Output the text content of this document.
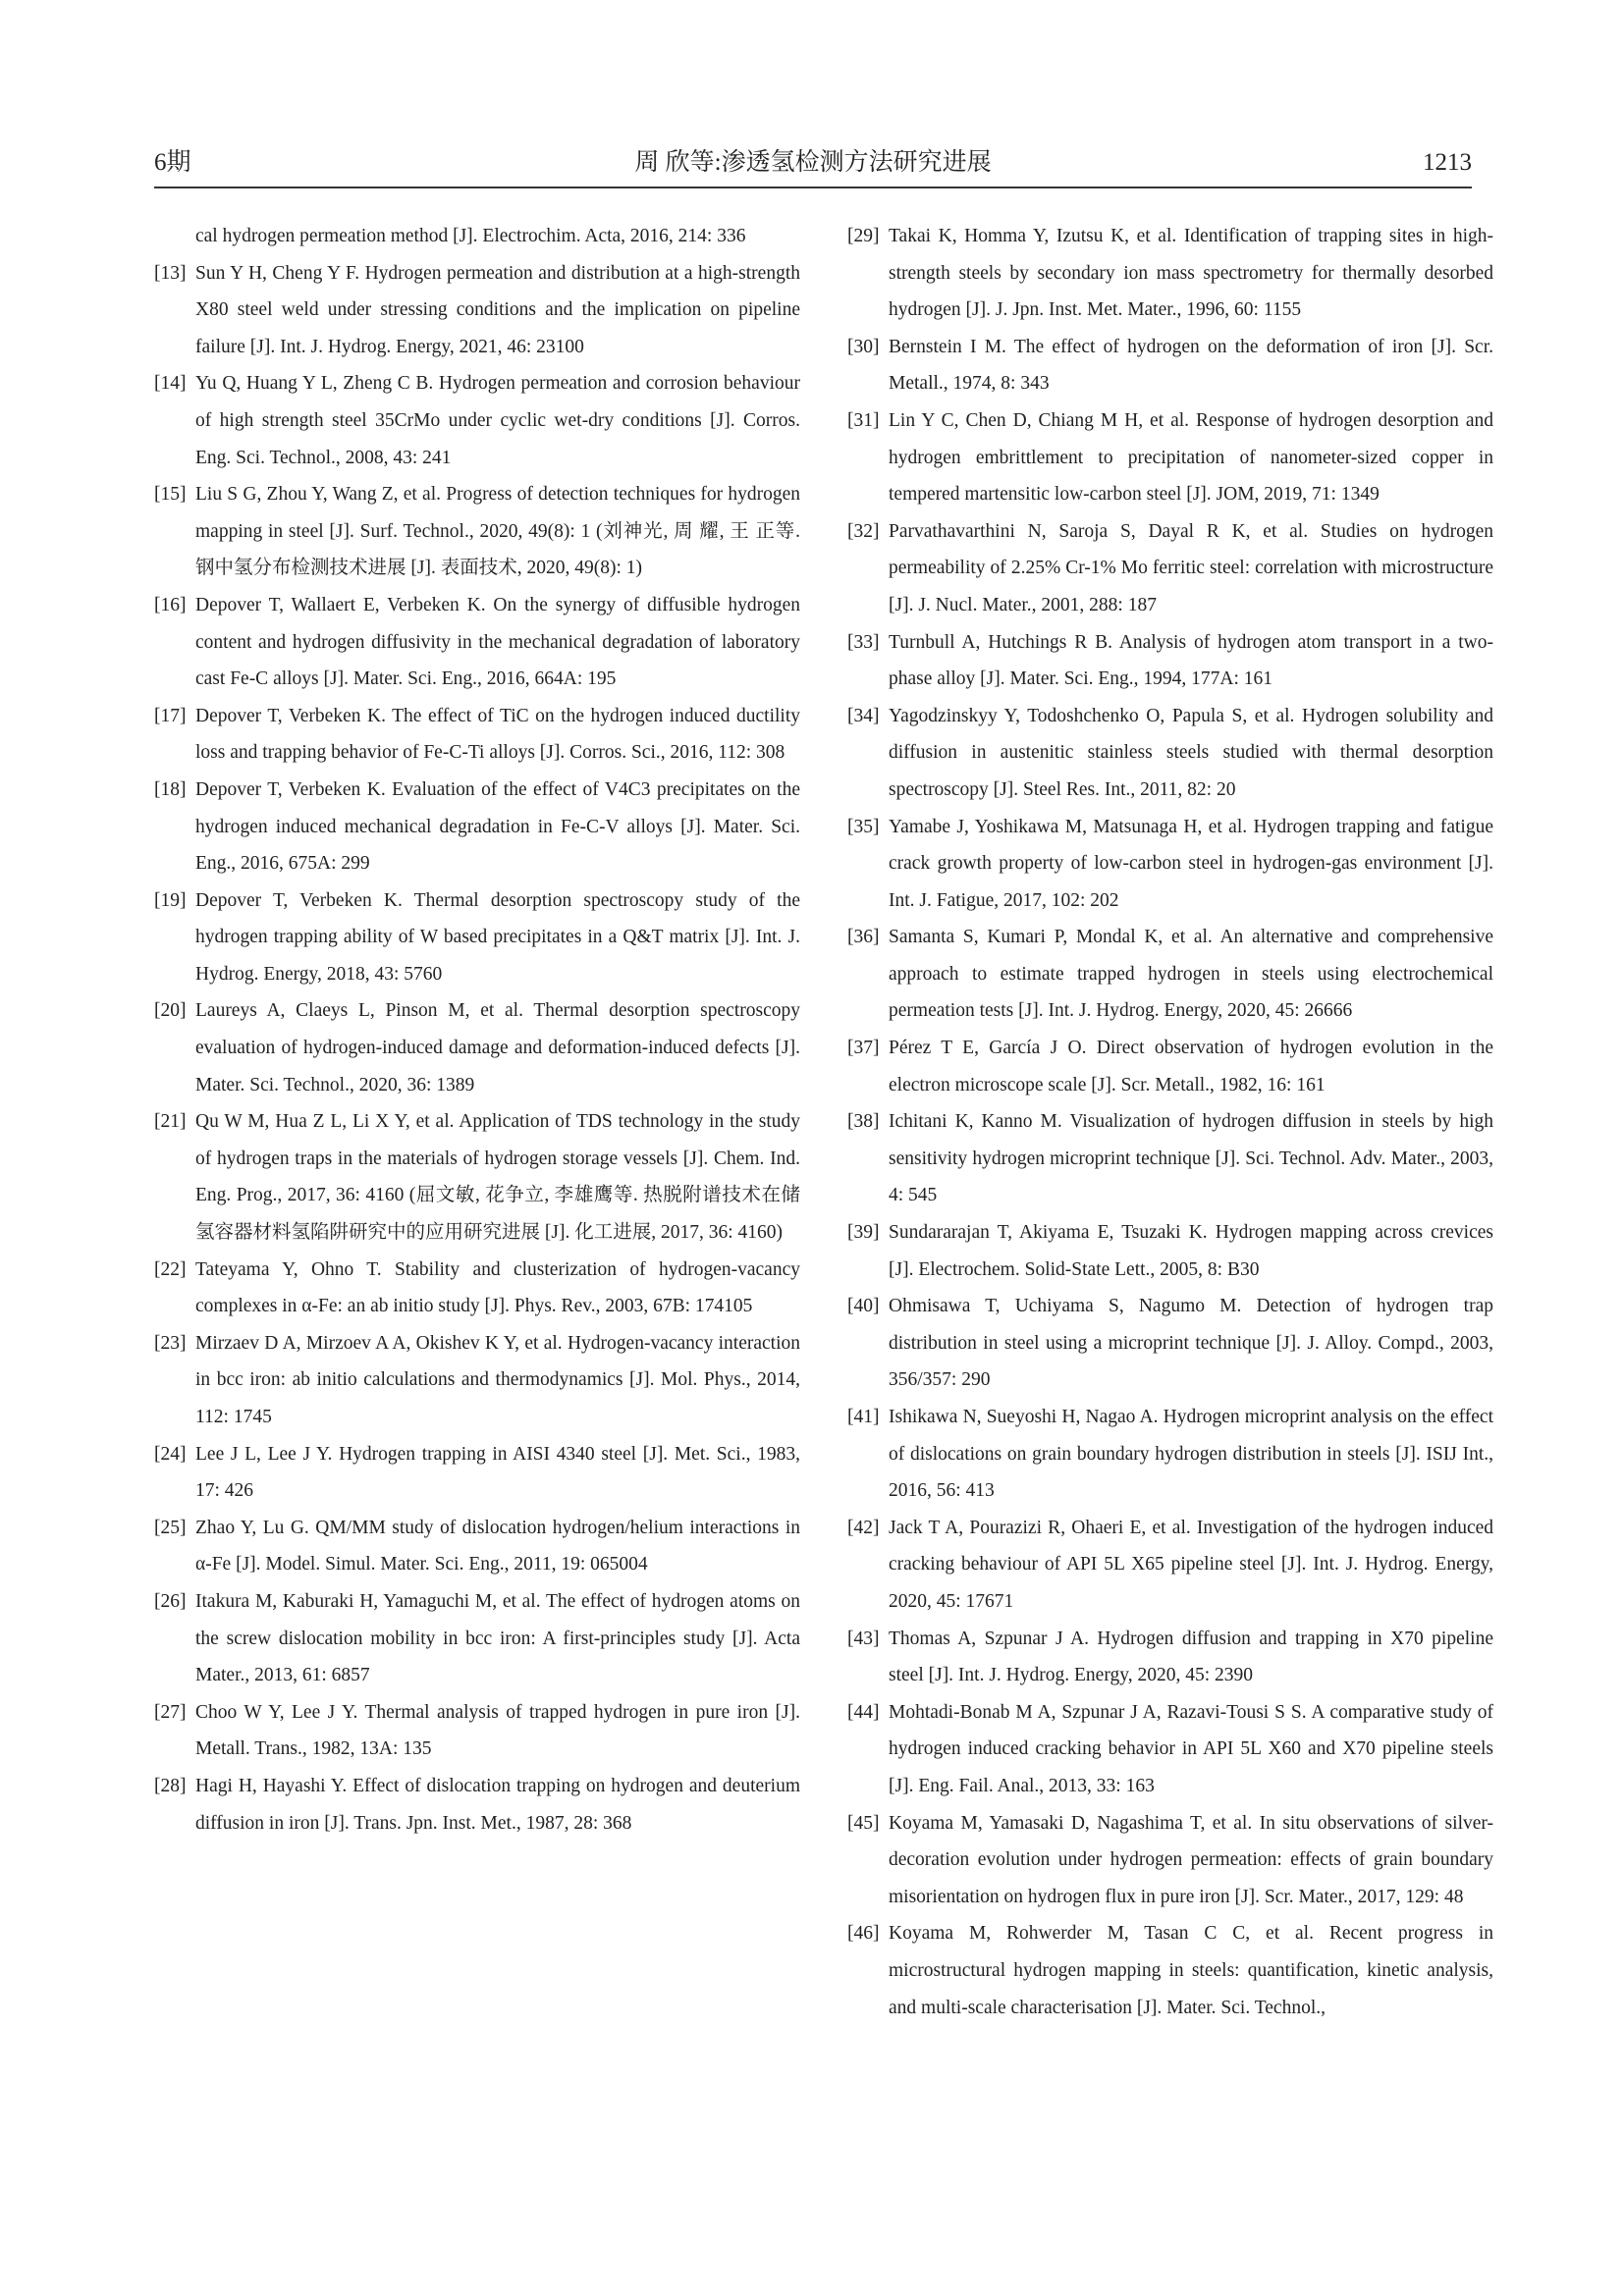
6期	周 欣等:渗透氢检测方法研究进展	1213

cal hydrogen permeation method [J]. Electrochim. Acta, 2016, 214: 336

[13] Sun Y H, Cheng Y F. Hydrogen permeation and distribution at a high-strength X80 steel weld under stressing conditions and the implication on pipeline failure [J]. Int. J. Hydrog. Energy, 2021, 46: 23100

[14] Yu Q, Huang Y L, Zheng C B. Hydrogen permeation and corrosion behaviour of high strength steel 35CrMo under cyclic wet-dry conditions [J]. Corros. Eng. Sci. Technol., 2008, 43: 241

[15] Liu S G, Zhou Y, Wang Z, et al. Progress of detection techniques for hydrogen mapping in steel [J]. Surf. Technol., 2020, 49(8): 1 (刘神光, 周 耀, 王 正等. 钢中氢分布检测技术进展 [J]. 表面技术, 2020, 49(8): 1)

[16] Depover T, Wallaert E, Verbeken K. On the synergy of diffusible hydrogen content and hydrogen diffusivity in the mechanical degradation of laboratory cast Fe-C alloys [J]. Mater. Sci. Eng., 2016, 664A: 195

[17] Depover T, Verbeken K. The effect of TiC on the hydrogen induced ductility loss and trapping behavior of Fe-C-Ti alloys [J]. Corros. Sci., 2016, 112: 308

[18] Depover T, Verbeken K. Evaluation of the effect of V4C3 precipitates on the hydrogen induced mechanical degradation in Fe-C-V alloys [J]. Mater. Sci. Eng., 2016, 675A: 299

[19] Depover T, Verbeken K. Thermal desorption spectroscopy study of the hydrogen trapping ability of W based precipitates in a Q&T matrix [J]. Int. J. Hydrog. Energy, 2018, 43: 5760

[20] Laureys A, Claeys L, Pinson M, et al. Thermal desorption spectroscopy evaluation of hydrogen-induced damage and deformation-induced defects [J]. Mater. Sci. Technol., 2020, 36: 1389

[21] Qu W M, Hua Z L, Li X Y, et al. Application of TDS technology in the study of hydrogen traps in the materials of hydrogen storage vessels [J]. Chem. Ind. Eng. Prog., 2017, 36: 4160 (屈文敏, 花争立, 李雄鹰等. 热脱附谱技术在储氢容器材料氢陷阱研究中的应用研究进展 [J]. 化工进展, 2017, 36: 4160)

[22] Tateyama Y, Ohno T. Stability and clusterization of hydrogen-vacancy complexes in α-Fe: an ab initio study [J]. Phys. Rev., 2003, 67B: 174105

[23] Mirzaev D A, Mirzoev A A, Okishev K Y, et al. Hydrogen-vacancy interaction in bcc iron: ab initio calculations and thermodynamics [J]. Mol. Phys., 2014, 112: 1745

[24] Lee J L, Lee J Y. Hydrogen trapping in AISI 4340 steel [J]. Met. Sci., 1983, 17: 426

[25] Zhao Y, Lu G. QM/MM study of dislocation hydrogen/helium interactions in α-Fe [J]. Model. Simul. Mater. Sci. Eng., 2011, 19: 065004

[26] Itakura M, Kaburaki H, Yamaguchi M, et al. The effect of hydrogen atoms on the screw dislocation mobility in bcc iron: A first-principles study [J]. Acta Mater., 2013, 61: 6857

[27] Choo W Y, Lee J Y. Thermal analysis of trapped hydrogen in pure iron [J]. Metall. Trans., 1982, 13A: 135

[28] Hagi H, Hayashi Y. Effect of dislocation trapping on hydrogen and deuterium diffusion in iron [J]. Trans. Jpn. Inst. Met., 1987, 28: 368

[29] Takai K, Homma Y, Izutsu K, et al. Identification of trapping sites in high-strength steels by secondary ion mass spectrometry for thermally desorbed hydrogen [J]. J. Jpn. Inst. Met. Mater., 1996, 60: 1155

[30] Bernstein I M. The effect of hydrogen on the deformation of iron [J]. Scr. Metall., 1974, 8: 343

[31] Lin Y C, Chen D, Chiang M H, et al. Response of hydrogen desorption and hydrogen embrittlement to precipitation of nanometer-sized copper in tempered martensitic low-carbon steel [J]. JOM, 2019, 71: 1349

[32] Parvathavarthini N, Saroja S, Dayal R K, et al. Studies on hydrogen permeability of 2.25% Cr-1% Mo ferritic steel: correlation with microstructure [J]. J. Nucl. Mater., 2001, 288: 187

[33] Turnbull A, Hutchings R B. Analysis of hydrogen atom transport in a two-phase alloy [J]. Mater. Sci. Eng., 1994, 177A: 161

[34] Yagodzinskyy Y, Todoshchenko O, Papula S, et al. Hydrogen solubility and diffusion in austenitic stainless steels studied with thermal desorption spectroscopy [J]. Steel Res. Int., 2011, 82: 20

[35] Yamabe J, Yoshikawa M, Matsunaga H, et al. Hydrogen trapping and fatigue crack growth property of low-carbon steel in hydrogen-gas environment [J]. Int. J. Fatigue, 2017, 102: 202

[36] Samanta S, Kumari P, Mondal K, et al. An alternative and comprehensive approach to estimate trapped hydrogen in steels using electrochemical permeation tests [J]. Int. J. Hydrog. Energy, 2020, 45: 26666

[37] Pérez T E, García J O. Direct observation of hydrogen evolution in the electron microscope scale [J]. Scr. Metall., 1982, 16: 161

[38] Ichitani K, Kanno M. Visualization of hydrogen diffusion in steels by high sensitivity hydrogen microprint technique [J]. Sci. Technol. Adv. Mater., 2003, 4: 545

[39] Sundararajan T, Akiyama E, Tsuzaki K. Hydrogen mapping across crevices [J]. Electrochem. Solid-State Lett., 2005, 8: B30

[40] Ohmisawa T, Uchiyama S, Nagumo M. Detection of hydrogen trap distribution in steel using a microprint technique [J]. J. Alloy. Compd., 2003, 356/357: 290

[41] Ishikawa N, Sueyoshi H, Nagao A. Hydrogen microprint analysis on the effect of dislocations on grain boundary hydrogen distribution in steels [J]. ISIJ Int., 2016, 56: 413

[42] Jack T A, Pourazizi R, Ohaeri E, et al. Investigation of the hydrogen induced cracking behaviour of API 5L X65 pipeline steel [J]. Int. J. Hydrog. Energy, 2020, 45: 17671

[43] Thomas A, Szpunar J A. Hydrogen diffusion and trapping in X70 pipeline steel [J]. Int. J. Hydrog. Energy, 2020, 45: 2390

[44] Mohtadi-Bonab M A, Szpunar J A, Razavi-Tousi S S. A comparative study of hydrogen induced cracking behavior in API 5L X60 and X70 pipeline steels [J]. Eng. Fail. Anal., 2013, 33: 163

[45] Koyama M, Yamasaki D, Nagashima T, et al. In situ observations of silver-decoration evolution under hydrogen permeation: effects of grain boundary misorientation on hydrogen flux in pure iron [J]. Scr. Mater., 2017, 129: 48

[46] Koyama M, Rohwerder M, Tasan C C, et al. Recent progress in microstructural hydrogen mapping in steels: quantification, kinetic analysis, and multi-scale characterisation [J]. Mater. Sci. Technol.,
